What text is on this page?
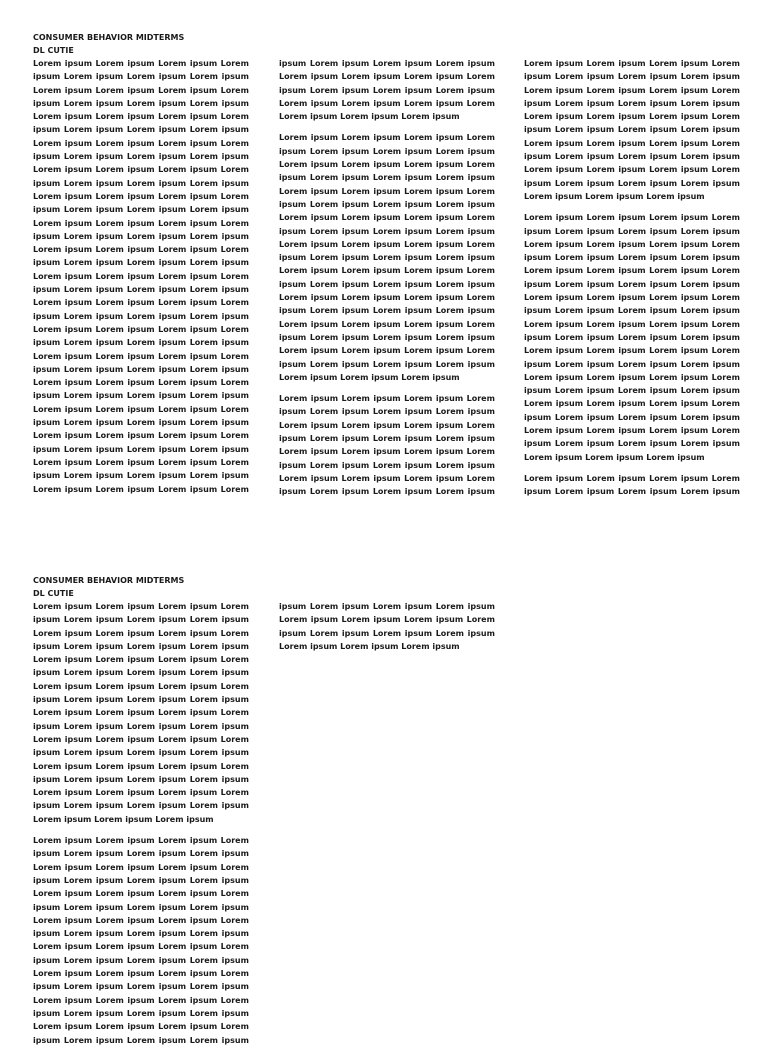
CONSUMER BEHAVIOR MIDTERMS
DL CUTIE
Lorem ipsum Lorem ipsum Lorem ipsum Lorem
ipsum Lorem ipsum Lorem ipsum Lorem ipsum
Lorem ipsum Lorem ipsum Lorem ipsum Lorem
ipsum Lorem ipsum Lorem ipsum Lorem ipsum
Lorem ipsum Lorem ipsum Lorem ipsum Lorem
ipsum Lorem ipsum Lorem ipsum Lorem ipsum
Lorem ipsum Lorem ipsum Lorem ipsum Lorem
ipsum Lorem ipsum Lorem ipsum Lorem ipsum
Lorem ipsum Lorem ipsum Lorem ipsum Lorem
ipsum Lorem ipsum Lorem ipsum Lorem ipsum
Lorem ipsum Lorem ipsum Lorem ipsum Lorem
ipsum Lorem ipsum Lorem ipsum Lorem ipsum
Lorem ipsum Lorem ipsum Lorem ipsum Lorem
ipsum Lorem ipsum Lorem ipsum Lorem ipsum
Lorem ipsum Lorem ipsum Lorem ipsum Lorem
ipsum Lorem ipsum Lorem ipsum Lorem ipsum
Lorem ipsum Lorem ipsum Lorem ipsum Lorem
ipsum Lorem ipsum Lorem ipsum Lorem ipsum
Lorem ipsum Lorem ipsum Lorem ipsum Lorem
ipsum Lorem ipsum Lorem ipsum Lorem ipsum
Lorem ipsum Lorem ipsum Lorem ipsum Lorem
ipsum Lorem ipsum Lorem ipsum Lorem ipsum
Lorem ipsum Lorem ipsum Lorem ipsum Lorem
ipsum Lorem ipsum Lorem ipsum Lorem ipsum
Lorem ipsum Lorem ipsum Lorem ipsum Lorem
ipsum Lorem ipsum Lorem ipsum Lorem ipsum
Lorem ipsum Lorem ipsum Lorem ipsum Lorem
ipsum Lorem ipsum Lorem ipsum Lorem ipsum
Lorem ipsum Lorem ipsum Lorem ipsum Lorem
ipsum Lorem ipsum Lorem ipsum Lorem ipsum
Lorem ipsum Lorem ipsum Lorem ipsum Lorem
ipsum Lorem ipsum Lorem ipsum Lorem ipsum
Lorem ipsum Lorem ipsum Lorem ipsum Lorem
ipsum Lorem ipsum Lorem ipsum Lorem ipsum
Lorem ipsum Lorem ipsum Lorem ipsum Lorem
ipsum Lorem ipsum Lorem ipsum Lorem ipsum
Lorem ipsum Lorem ipsum Lorem ipsum Lorem
Lorem ipsum Lorem ipsum Lorem ipsum
Lorem ipsum Lorem ipsum Lorem ipsum Lorem
ipsum Lorem ipsum Lorem ipsum Lorem ipsum
Lorem ipsum Lorem ipsum Lorem ipsum Lorem
ipsum Lorem ipsum Lorem ipsum Lorem ipsum
Lorem ipsum Lorem ipsum Lorem ipsum Lorem
ipsum Lorem ipsum Lorem ipsum Lorem ipsum
Lorem ipsum Lorem ipsum Lorem ipsum Lorem
ipsum Lorem ipsum Lorem ipsum Lorem ipsum
Lorem ipsum Lorem ipsum Lorem ipsum Lorem
ipsum Lorem ipsum Lorem ipsum Lorem ipsum
Lorem ipsum Lorem ipsum Lorem ipsum Lorem
ipsum Lorem ipsum Lorem ipsum Lorem ipsum
Lorem ipsum Lorem ipsum Lorem ipsum Lorem
ipsum Lorem ipsum Lorem ipsum Lorem ipsum
Lorem ipsum Lorem ipsum Lorem ipsum Lorem
ipsum Lorem ipsum Lorem ipsum Lorem ipsum
Lorem ipsum Lorem ipsum Lorem ipsum Lorem
ipsum Lorem ipsum Lorem ipsum Lorem ipsum
Lorem ipsum Lorem ipsum Lorem ipsum
Lorem ipsum Lorem ipsum Lorem ipsum Lorem
ipsum Lorem ipsum Lorem ipsum Lorem ipsum
Lorem ipsum Lorem ipsum Lorem ipsum Lorem
ipsum Lorem ipsum Lorem ipsum Lorem ipsum
Lorem ipsum Lorem ipsum Lorem ipsum Lorem
ipsum Lorem ipsum Lorem ipsum Lorem ipsum
Lorem ipsum Lorem ipsum Lorem ipsum Lorem
ipsum Lorem ipsum Lorem ipsum Lorem ipsum
Lorem ipsum Lorem ipsum Lorem ipsum Lorem
ipsum Lorem ipsum Lorem ipsum Lorem ipsum
Lorem ipsum Lorem ipsum Lorem ipsum Lorem
ipsum Lorem ipsum Lorem ipsum Lorem ipsum
Lorem ipsum Lorem ipsum Lorem ipsum Lorem
ipsum Lorem ipsum Lorem ipsum Lorem ipsum
Lorem ipsum Lorem ipsum Lorem ipsum Lorem
ipsum Lorem ipsum Lorem ipsum Lorem ipsum
Lorem ipsum Lorem ipsum Lorem ipsum Lorem
ipsum Lorem ipsum Lorem ipsum Lorem ipsum
Lorem ipsum Lorem ipsum Lorem ipsum
Lorem ipsum Lorem ipsum Lorem ipsum Lorem
ipsum Lorem ipsum Lorem ipsum Lorem ipsum
Lorem ipsum Lorem ipsum Lorem ipsum Lorem
ipsum Lorem ipsum Lorem ipsum Lorem ipsum
Lorem ipsum Lorem ipsum Lorem ipsum Lorem
ipsum Lorem ipsum Lorem ipsum Lorem ipsum
Lorem ipsum Lorem ipsum Lorem ipsum Lorem
ipsum Lorem ipsum Lorem ipsum Lorem ipsum
Lorem ipsum Lorem ipsum Lorem ipsum Lorem
ipsum Lorem ipsum Lorem ipsum Lorem ipsum
Lorem ipsum Lorem ipsum Lorem ipsum Lorem
ipsum Lorem ipsum Lorem ipsum Lorem ipsum
Lorem ipsum Lorem ipsum Lorem ipsum Lorem
ipsum Lorem ipsum Lorem ipsum Lorem ipsum
Lorem ipsum Lorem ipsum Lorem ipsum Lorem
ipsum Lorem ipsum Lorem ipsum Lorem ipsum
Lorem ipsum Lorem ipsum Lorem ipsum Lorem
ipsum Lorem ipsum Lorem ipsum Lorem ipsum
Lorem ipsum Lorem ipsum Lorem ipsum
Lorem ipsum Lorem ipsum Lorem ipsum Lorem
ipsum Lorem ipsum Lorem ipsum Lorem ipsum
CONSUMER BEHAVIOR MIDTERMS
DL CUTIE
Lorem ipsum Lorem ipsum Lorem ipsum Lorem
ipsum Lorem ipsum Lorem ipsum Lorem ipsum
Lorem ipsum Lorem ipsum Lorem ipsum Lorem
ipsum Lorem ipsum Lorem ipsum Lorem ipsum
Lorem ipsum Lorem ipsum Lorem ipsum Lorem
ipsum Lorem ipsum Lorem ipsum Lorem ipsum
Lorem ipsum Lorem ipsum Lorem ipsum Lorem
ipsum Lorem ipsum Lorem ipsum Lorem ipsum
Lorem ipsum Lorem ipsum Lorem ipsum Lorem
ipsum Lorem ipsum Lorem ipsum Lorem ipsum
Lorem ipsum Lorem ipsum Lorem ipsum Lorem
ipsum Lorem ipsum Lorem ipsum Lorem ipsum
Lorem ipsum Lorem ipsum Lorem ipsum Lorem
ipsum Lorem ipsum Lorem ipsum Lorem ipsum
Lorem ipsum Lorem ipsum Lorem ipsum Lorem
ipsum Lorem ipsum Lorem ipsum Lorem ipsum
Lorem ipsum Lorem ipsum Lorem ipsum
Lorem ipsum Lorem ipsum Lorem ipsum Lorem
ipsum Lorem ipsum Lorem ipsum Lorem ipsum
Lorem ipsum Lorem ipsum Lorem ipsum Lorem
ipsum Lorem ipsum Lorem ipsum Lorem ipsum
Lorem ipsum Lorem ipsum Lorem ipsum Lorem
ipsum Lorem ipsum Lorem ipsum Lorem ipsum
Lorem ipsum Lorem ipsum Lorem ipsum Lorem
ipsum Lorem ipsum Lorem ipsum Lorem ipsum
Lorem ipsum Lorem ipsum Lorem ipsum Lorem
ipsum Lorem ipsum Lorem ipsum Lorem ipsum
Lorem ipsum Lorem ipsum Lorem ipsum Lorem
ipsum Lorem ipsum Lorem ipsum Lorem ipsum
Lorem ipsum Lorem ipsum Lorem ipsum Lorem
ipsum Lorem ipsum Lorem ipsum Lorem ipsum
Lorem ipsum Lorem ipsum Lorem ipsum Lorem
ipsum Lorem ipsum Lorem ipsum Lorem ipsum
ipsum Lorem ipsum Lorem ipsum Lorem ipsum
Lorem ipsum Lorem ipsum Lorem ipsum Lorem
ipsum Lorem ipsum Lorem ipsum Lorem ipsum
Lorem ipsum Lorem ipsum Lorem ipsum
